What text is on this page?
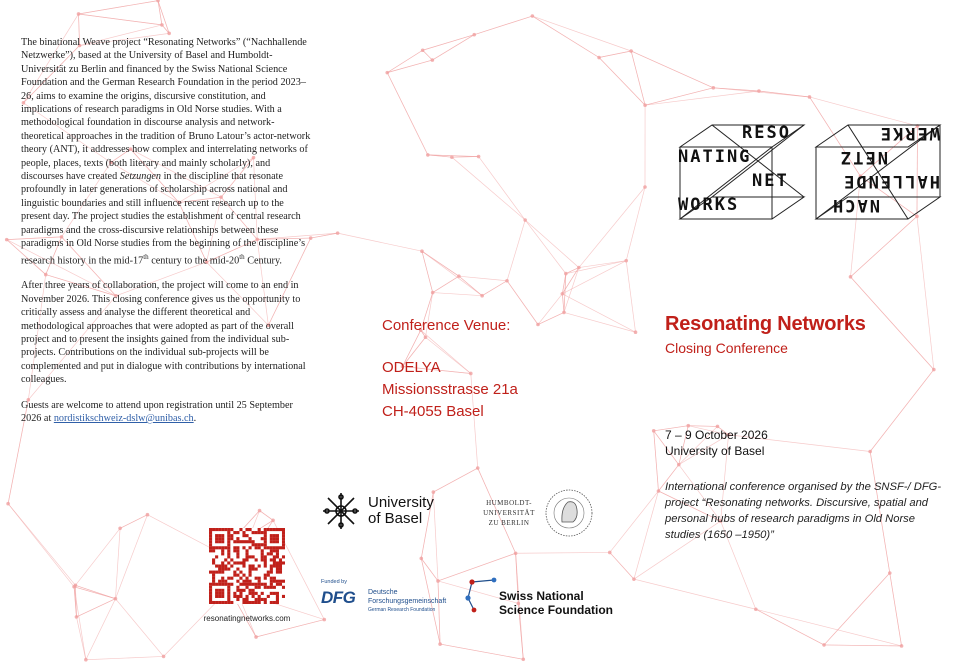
The binational Weave project “Resonating Networks” (“Nachhallende Netzwerke”), based at the University of Basel and Humboldt-Universität zu Berlin and financed by the Swiss National Science Foundation and the German Research Foundation in the period 2023–26, aims to examine the origins, discursive constitution, and implications of research paradigms in Old Norse studies. With a methodological foundation in discourse analysis and network-theoretical approaches in the tradition of Bruno Latour’s actor-network theory (ANT), it addresses how complex and interrelating networks of people, places, texts (both literary and mainly scholarly), and discourses have created Setzungen in the discipline that resonate profoundly in later generations of scholarship across national and linguistic boundaries and still influence recent research up to the present day. The project studies the establishment of central research paradigms and the cross-discursive relationships between these paradigms in Old Norse studies from the beginning of the discipline’s research history in the mid-17th century to the mid-20th Century.

After three years of collaboration, the project will come to an end in November 2026. This closing conference gives us the opportunity to critically assess and analyse the different theoretical and methodological approaches that were adopted as part of the overall project and to present the insights gained from the individual sub-projects. Contributions on the individual sub-projects will be complemented and put in dialogue with contributions by international colleagues.

Guests are welcome to attend upon registration until 25 September 2026 at nordistikschweiz-dslw@unibas.ch.

resonatingnetworks.com
Conference Venue:
ODELYA
Missionsstrasse 21a
CH-4055 Basel
University
of Basel
HUMBOLDT-
UNIVERSITÄT
ZU BERLIN
Funded by
DFG Deutsche
Forschungsgemeinschaft
German Research Foundation
Swiss National
Science Foundation
RESO
NATING
NET
WORKS	NACH
HALLENDE
NETZ
WERKE
Resonating Networks
Closing Conference
7 – 9 October 2026
University of Basel
International conference organised by the SNSF-/ DFG-project “Resonating networks. Discursive, spatial and personal hubs of research paradigms in Old Norse studies (1650 –1950)”
